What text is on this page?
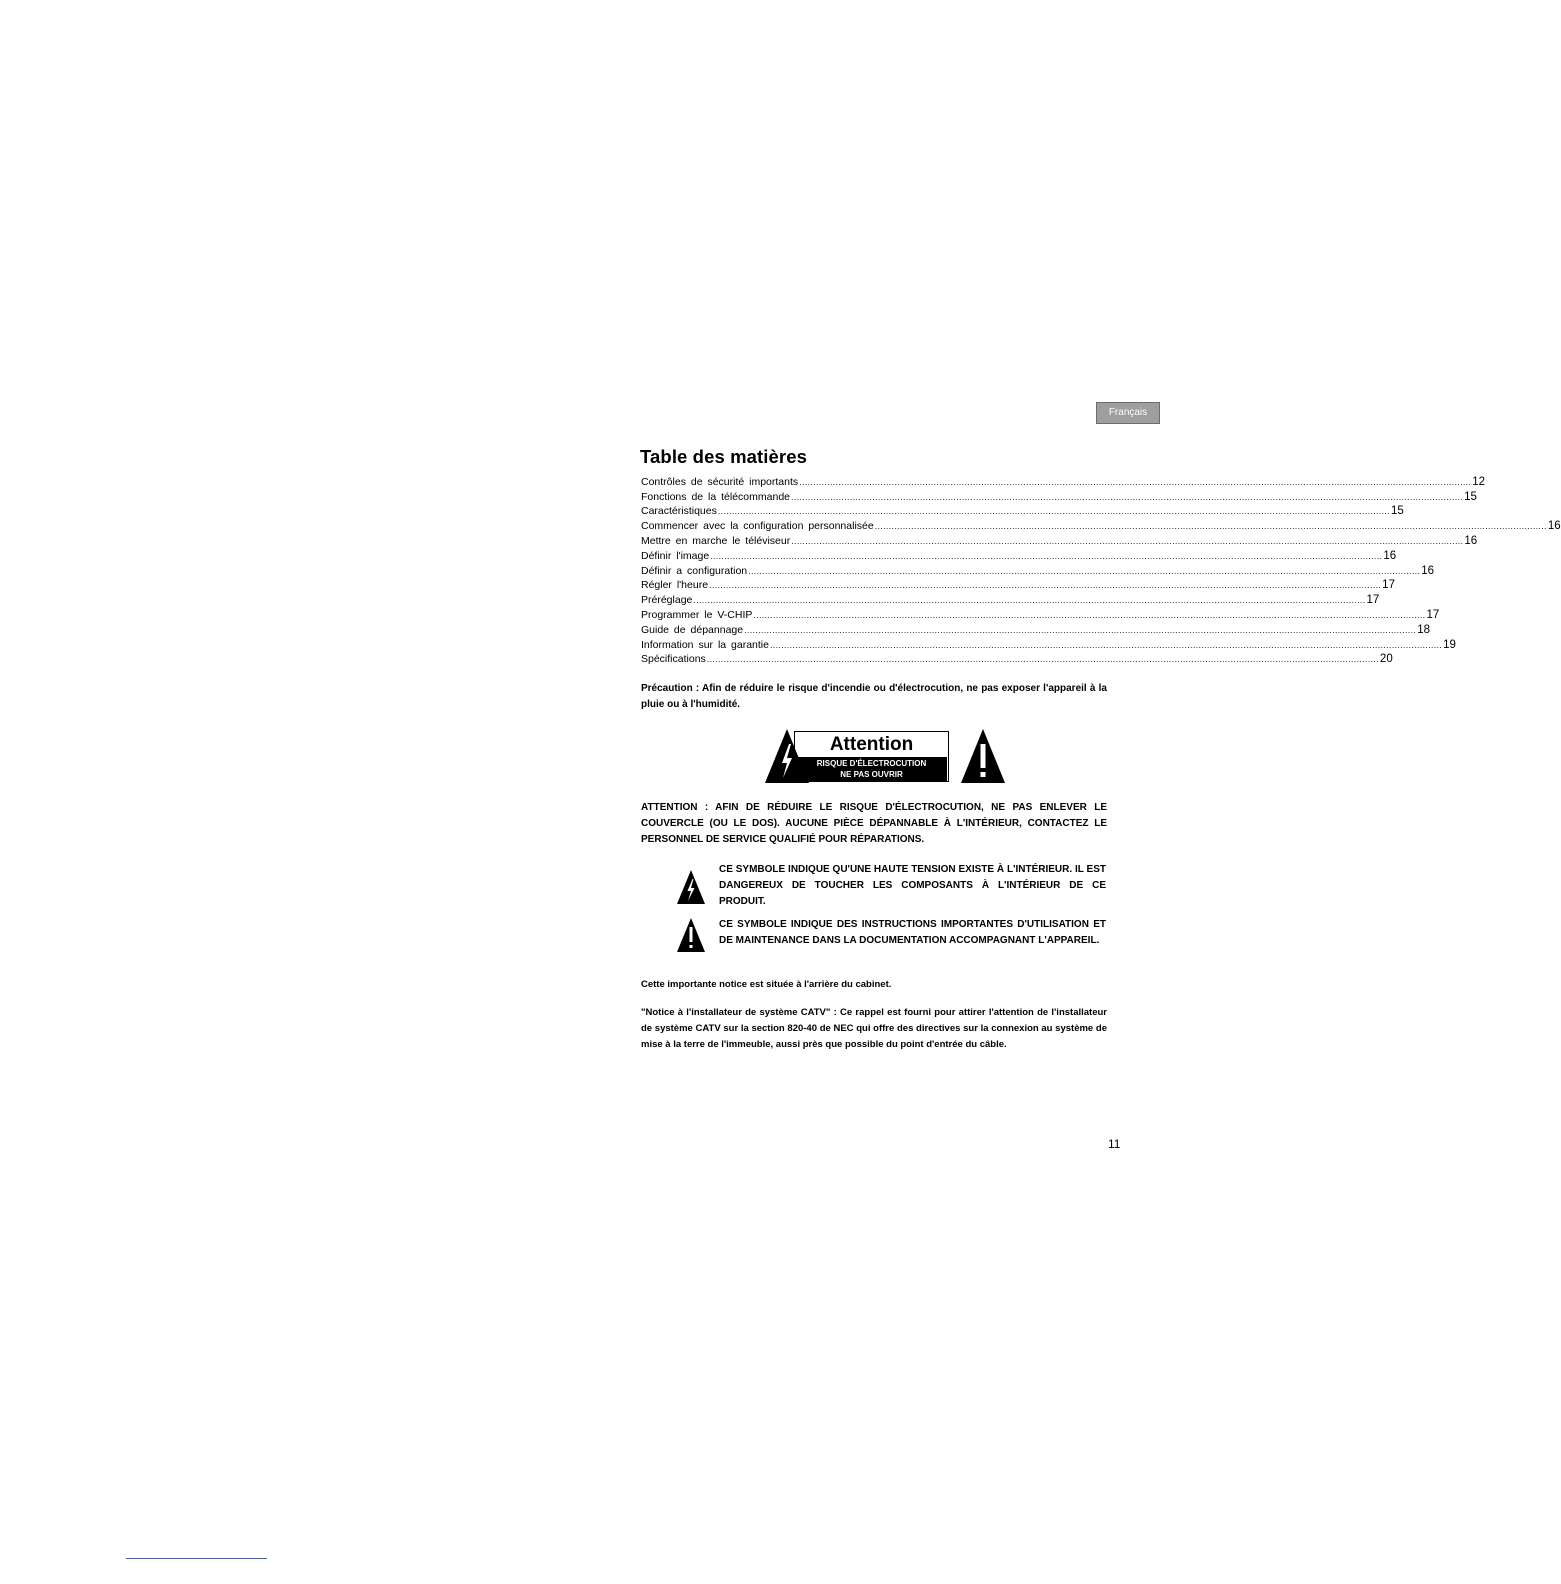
Français
Table des matières
Contrôles de sécurité importants ................................................................................................................................................................................................................................................ 12
Fonctions de la télécommande ................................................................................................................................................................................................................................................ 15
Caractéristiques ................................................................................................................................................................................................................................................ 15
Commencer avec la configuration personnalisée ................................................................................................................................................................................................................................................ 16
Mettre en marche le téléviseur ................................................................................................................................................................................................................................................ 16
Définir l'image ................................................................................................................................................................................................................................................ 16
Définir a configuration ................................................................................................................................................................................................................................................ 16
Régler l'heure ................................................................................................................................................................................................................................................ 17
Préréglage ................................................................................................................................................................................................................................................ 17
Programmer le V-CHIP ................................................................................................................................................................................................................................................ 17
Guide de dépannage ................................................................................................................................................................................................................................................ 18
Information sur la garantie ................................................................................................................................................................................................................................................ 19
Spécifications ................................................................................................................................................................................................................................................ 20

Précaution : Afin de réduire le risque d'incendie ou d'électrocution, ne pas exposer l'appareil à la pluie ou à l'humidité.

Attention
RISQUE D'ÉLECTROCUTION
NE PAS OUVRIR

ATTENTION : AFIN DE RÉDUIRE LE RISQUE D'ÉLECTROCUTION, NE PAS ENLEVER LE COUVERCLE (OU LE DOS). AUCUNE PIÈCE DÉPANNABLE À L'INTÉRIEUR, CONTACTEZ LE PERSONNEL DE SERVICE QUALIFIÉ POUR RÉPARATIONS.

CE SYMBOLE INDIQUE QU'UNE HAUTE TENSION EXISTE À L'INTÉRIEUR. IL EST DANGEREUX DE TOUCHER LES COMPOSANTS À L'INTÉRIEUR DE CE PRODUIT.

CE SYMBOLE INDIQUE DES INSTRUCTIONS IMPORTANTES D'UTILISATION ET DE MAINTENANCE DANS LA DOCUMENTATION ACCOMPAGNANT L'APPAREIL.

Cette importante notice est située à l'arrière du cabinet.

"Notice à l'installateur de système CATV" : Ce rappel est fourni pour attirer l'attention de l'installateur de système CATV sur la section 820-40 de NEC qui offre des directives sur la connexion au système de mise à la terre de l'immeuble, aussi près que possible du point d'entrée du câble.

11
